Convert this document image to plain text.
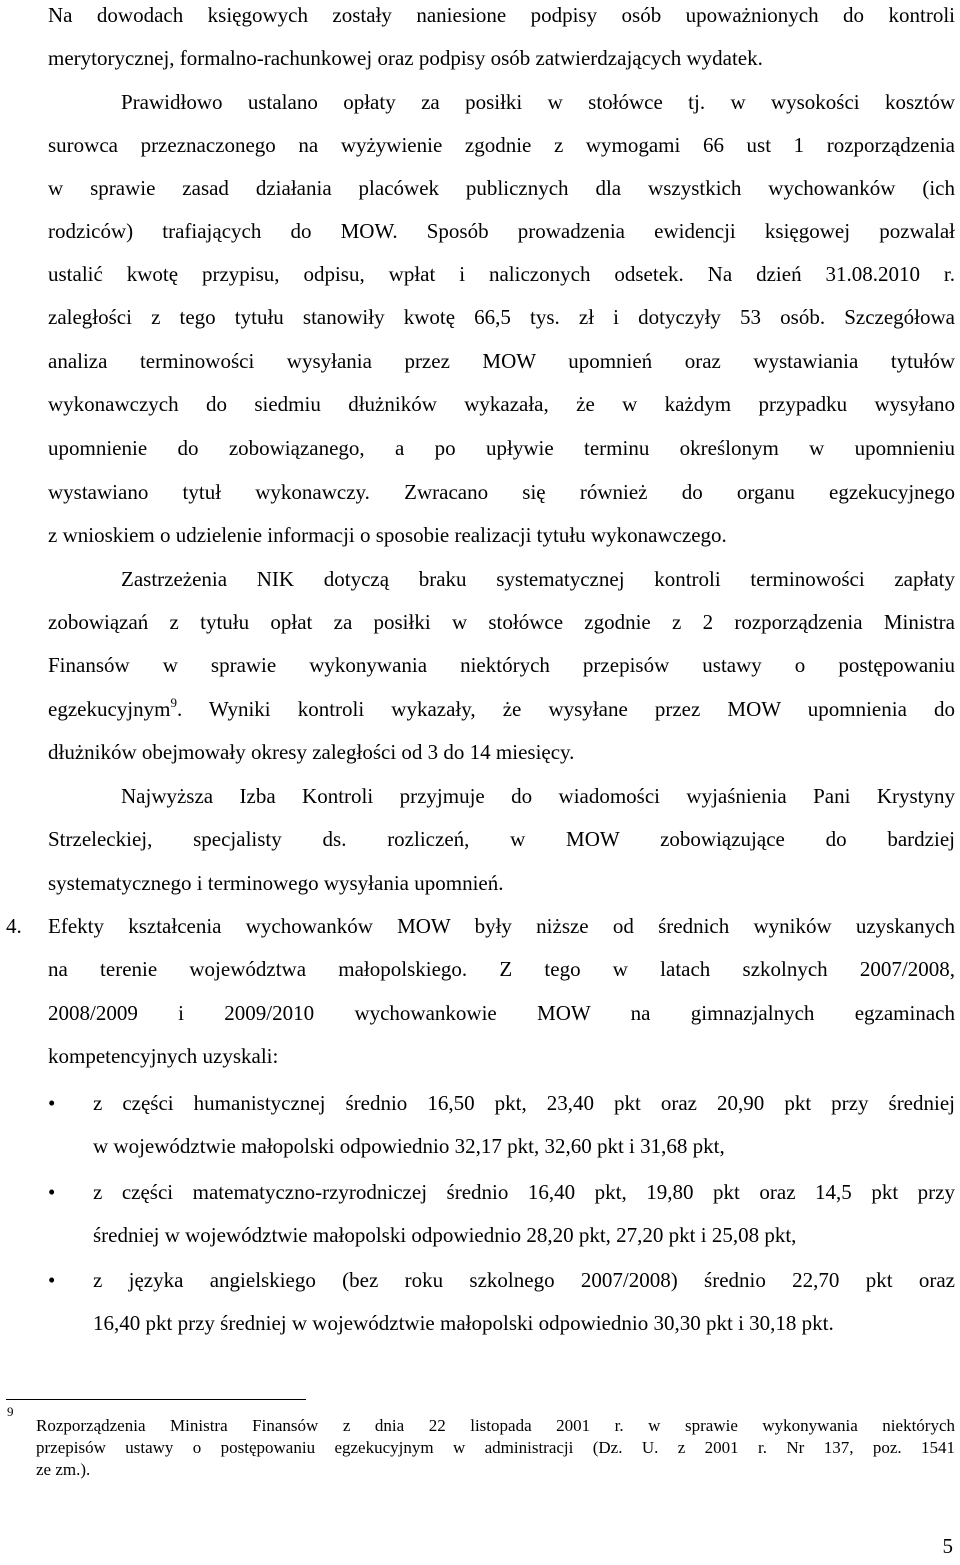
Na dowodach księgowych zostały naniesione podpisy osób upoważnionych do kontroli

merytorycznej, formalno-rachunkowej oraz podpisy osób zatwierdzających wydatek.

Prawidłowo ustalano opłaty za posiłki w stołówce tj. w wysokości kosztów

surowca przeznaczonego na wyżywienie zgodnie z wymogami 66 ust 1 rozporządzenia

w sprawie zasad działania placówek publicznych dla wszystkich wychowanków (ich

rodziców) trafiających do MOW. Sposób prowadzenia ewidencji księgowej pozwalał

ustalić kwotę przypisu, odpisu, wpłat i naliczonych odsetek. Na dzień 31.08.2010 r.

zaległości z tego tytułu stanowiły kwotę 66,5 tys. zł i dotyczyły 53 osób. Szczegółowa

analiza terminowości wysyłania przez MOW upomnień oraz wystawiania tytułów

wykonawczych do siedmiu dłużników wykazała, że w każdym przypadku wysyłano

upomnienie do zobowiązanego, a po upływie terminu określonym w upomnieniu

wystawiano tytuł wykonawczy. Zwracano się również do organu egzekucyjnego

z wnioskiem o udzielenie informacji o sposobie realizacji tytułu wykonawczego.

Zastrzeżenia NIK dotyczą braku systematycznej kontroli terminowości zapłaty

zobowiązań z tytułu opłat za posiłki w stołówce zgodnie z 2 rozporządzenia Ministra

Finansów w sprawie wykonywania niektórych przepisów ustawy o postępowaniu

egzekucyjnym$^9$. Wyniki kontroli wykazały, że wysyłane przez MOW upomnienia do

dłużników obejmowały okresy zaległości od 3 do 14 miesięcy.

Najwyższa Izba Kontroli przyjmuje do wiadomości wyjaśnienia Pani Krystyny

Strzeleckiej, specjalisty ds. rozliczeń, w MOW zobowiązujące do bardziej

systematycznego i terminowego wysyłania upomnień.

4. Efekty kształcenia wychowanków MOW były niższe od średnich wyników uzyskanych

na terenie województwa małopolskiego. Z tego w latach szkolnych 2007/2008,

2008/2009 i 2009/2010 wychowankowie MOW na gimnazjalnych egzaminach

kompetencyjnych uzyskali:

• z części humanistycznej średnio 16,50 pkt, 23,40 pkt oraz 20,90 pkt przy średniej

w województwie małopolski odpowiednio 32,17 pkt, 32,60 pkt i 31,68 pkt,

• z części matematyczno-rzyrodniczej średnio 16,40 pkt, 19,80 pkt oraz 14,5 pkt przy

średniej w województwie małopolski odpowiednio 28,20 pkt, 27,20 pkt i 25,08 pkt,

• z języka angielskiego (bez roku szkolnego 2007/2008) średnio 22,70 pkt oraz

16,40 pkt przy średniej w województwie małopolski odpowiednio 30,30 pkt i 30,18 pkt.

9

Rozporządzenia Ministra Finansów z dnia 22 listopada 2001 r. w sprawie wykonywania niektórych

przepisów ustawy o postępowaniu egzekucyjnym w administracji (Dz. U. z 2001 r. Nr 137, poz. 1541

ze zm.).

5
